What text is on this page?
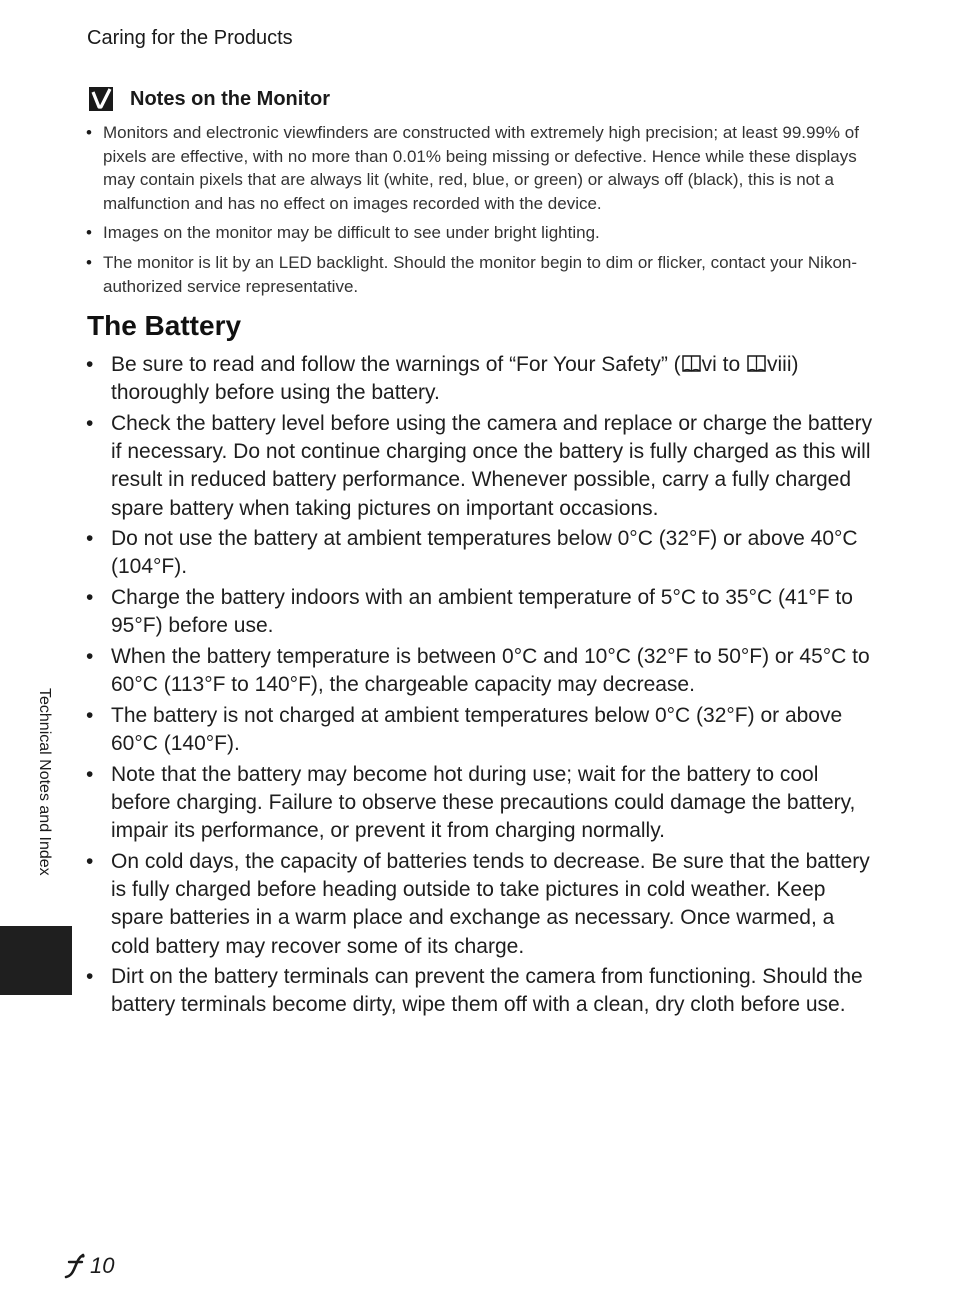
Caring for the Products
Notes on the Monitor
• Monitors and electronic viewfinders are constructed with extremely high precision; at least 99.99% of pixels are effective, with no more than 0.01% being missing or defective. Hence while these displays may contain pixels that are always lit (white, red, blue, or green) or always off (black), this is not a malfunction and has no effect on images recorded with the device.
• Images on the monitor may be difficult to see under bright lighting.
• The monitor is lit by an LED backlight. Should the monitor begin to dim or flicker, contact your Nikon-authorized service representative.
The Battery
• Be sure to read and follow the warnings of “For Your Safety” ( vi to viii) thoroughly before using the battery.
• Check the battery level before using the camera and replace or charge the battery if necessary. Do not continue charging once the battery is fully charged as this will result in reduced battery performance. Whenever possible, carry a fully charged spare battery when taking pictures on important occasions.
• Do not use the battery at ambient temperatures below 0°C (32°F) or above 40°C (104°F).
• Charge the battery indoors with an ambient temperature of 5°C to 35°C (41°F to 95°F) before use.
• When the battery temperature is between 0°C and 10°C (32°F to 50°F) or 45°C to 60°C (113°F to 140°F), the chargeable capacity may decrease.
• The battery is not charged at ambient temperatures below 0°C (32°F) or above 60°C (140°F).
• Note that the battery may become hot during use; wait for the battery to cool before charging. Failure to observe these precautions could damage the battery, impair its performance, or prevent it from charging normally.
• On cold days, the capacity of batteries tends to decrease. Be sure that the battery is fully charged before heading outside to take pictures in cold weather. Keep spare batteries in a warm place and exchange as necessary. Once warmed, a cold battery may recover some of its charge.
• Dirt on the battery terminals can prevent the camera from functioning. Should the battery terminals become dirty, wipe them off with a clean, dry cloth before use.
Technical Notes and Index
10
